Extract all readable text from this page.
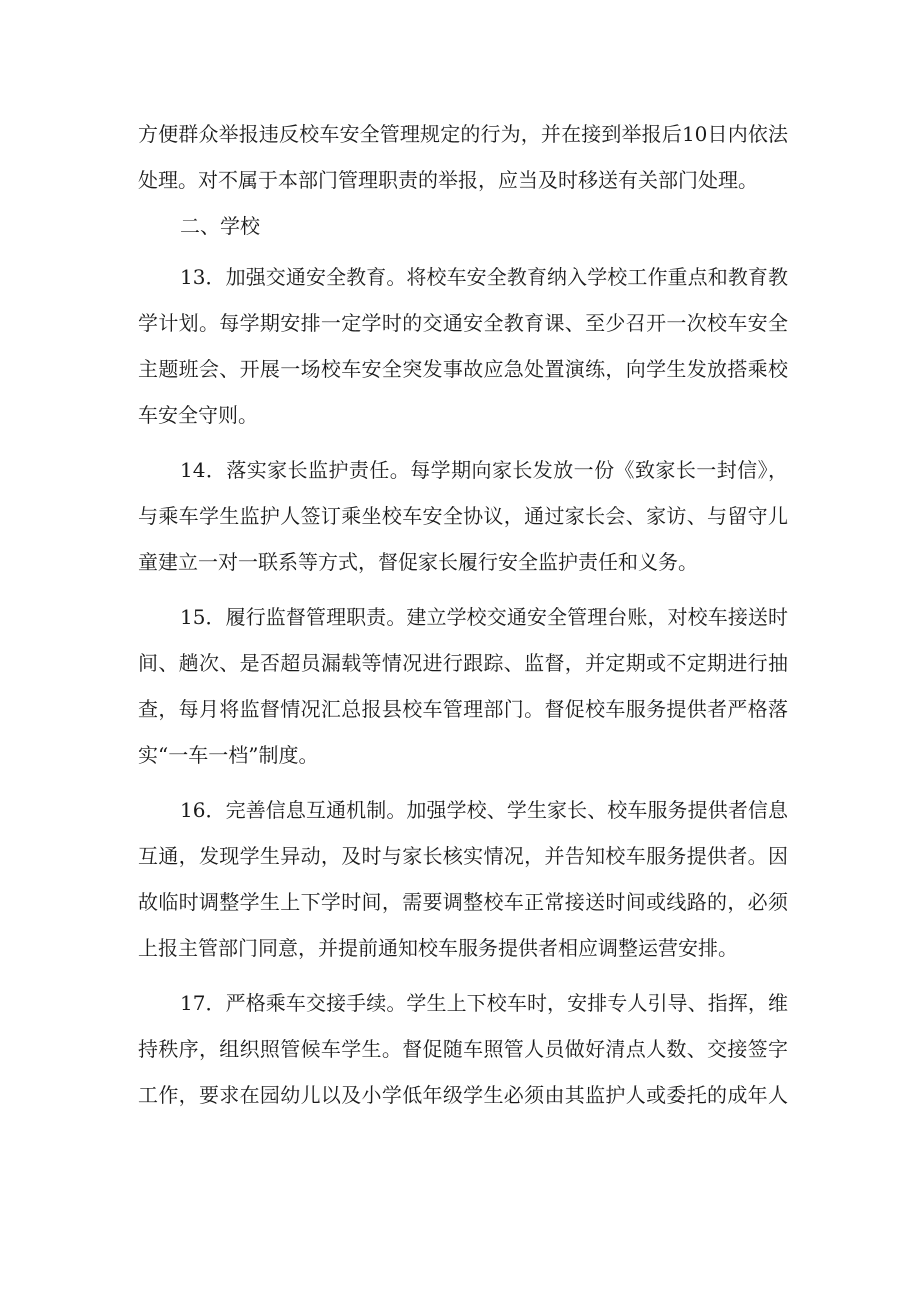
方便群众举报违反校车安全管理规定的行为，并在接到举报后10日内依法
处理。对不属于本部门管理职责的举报，应当及时移送有关部门处理。
二、学校
13．加强交通安全教育。将校车安全教育纳入学校工作重点和教育教
学计划。每学期安排一定学时的交通安全教育课、至少召开一次校车安全
主题班会、开展一场校车安全突发事故应急处置演练，向学生发放搭乘校
车安全守则。
14．落实家长监护责任。每学期向家长发放一份《致家长一封信》，
与乘车学生监护人签订乘坐校车安全协议，通过家长会、家访、与留守儿
童建立一对一联系等方式，督促家长履行安全监护责任和义务。
15．履行监督管理职责。建立学校交通安全管理台账，对校车接送时
间、趟次、是否超员漏载等情况进行跟踪、监督，并定期或不定期进行抽
查，每月将监督情况汇总报县校车管理部门。督促校车服务提供者严格落
实“一车一档”制度。
16．完善信息互通机制。加强学校、学生家长、校车服务提供者信息
互通，发现学生异动，及时与家长核实情况，并告知校车服务提供者。因
故临时调整学生上下学时间，需要调整校车正常接送时间或线路的，必须
上报主管部门同意，并提前通知校车服务提供者相应调整运营安排。
17．严格乘车交接手续。学生上下校车时，安排专人引导、指挥，维
持秩序，组织照管候车学生。督促随车照管人员做好清点人数、交接签字
工作，要求在园幼儿以及小学低年级学生必须由其监护人或委托的成年人
